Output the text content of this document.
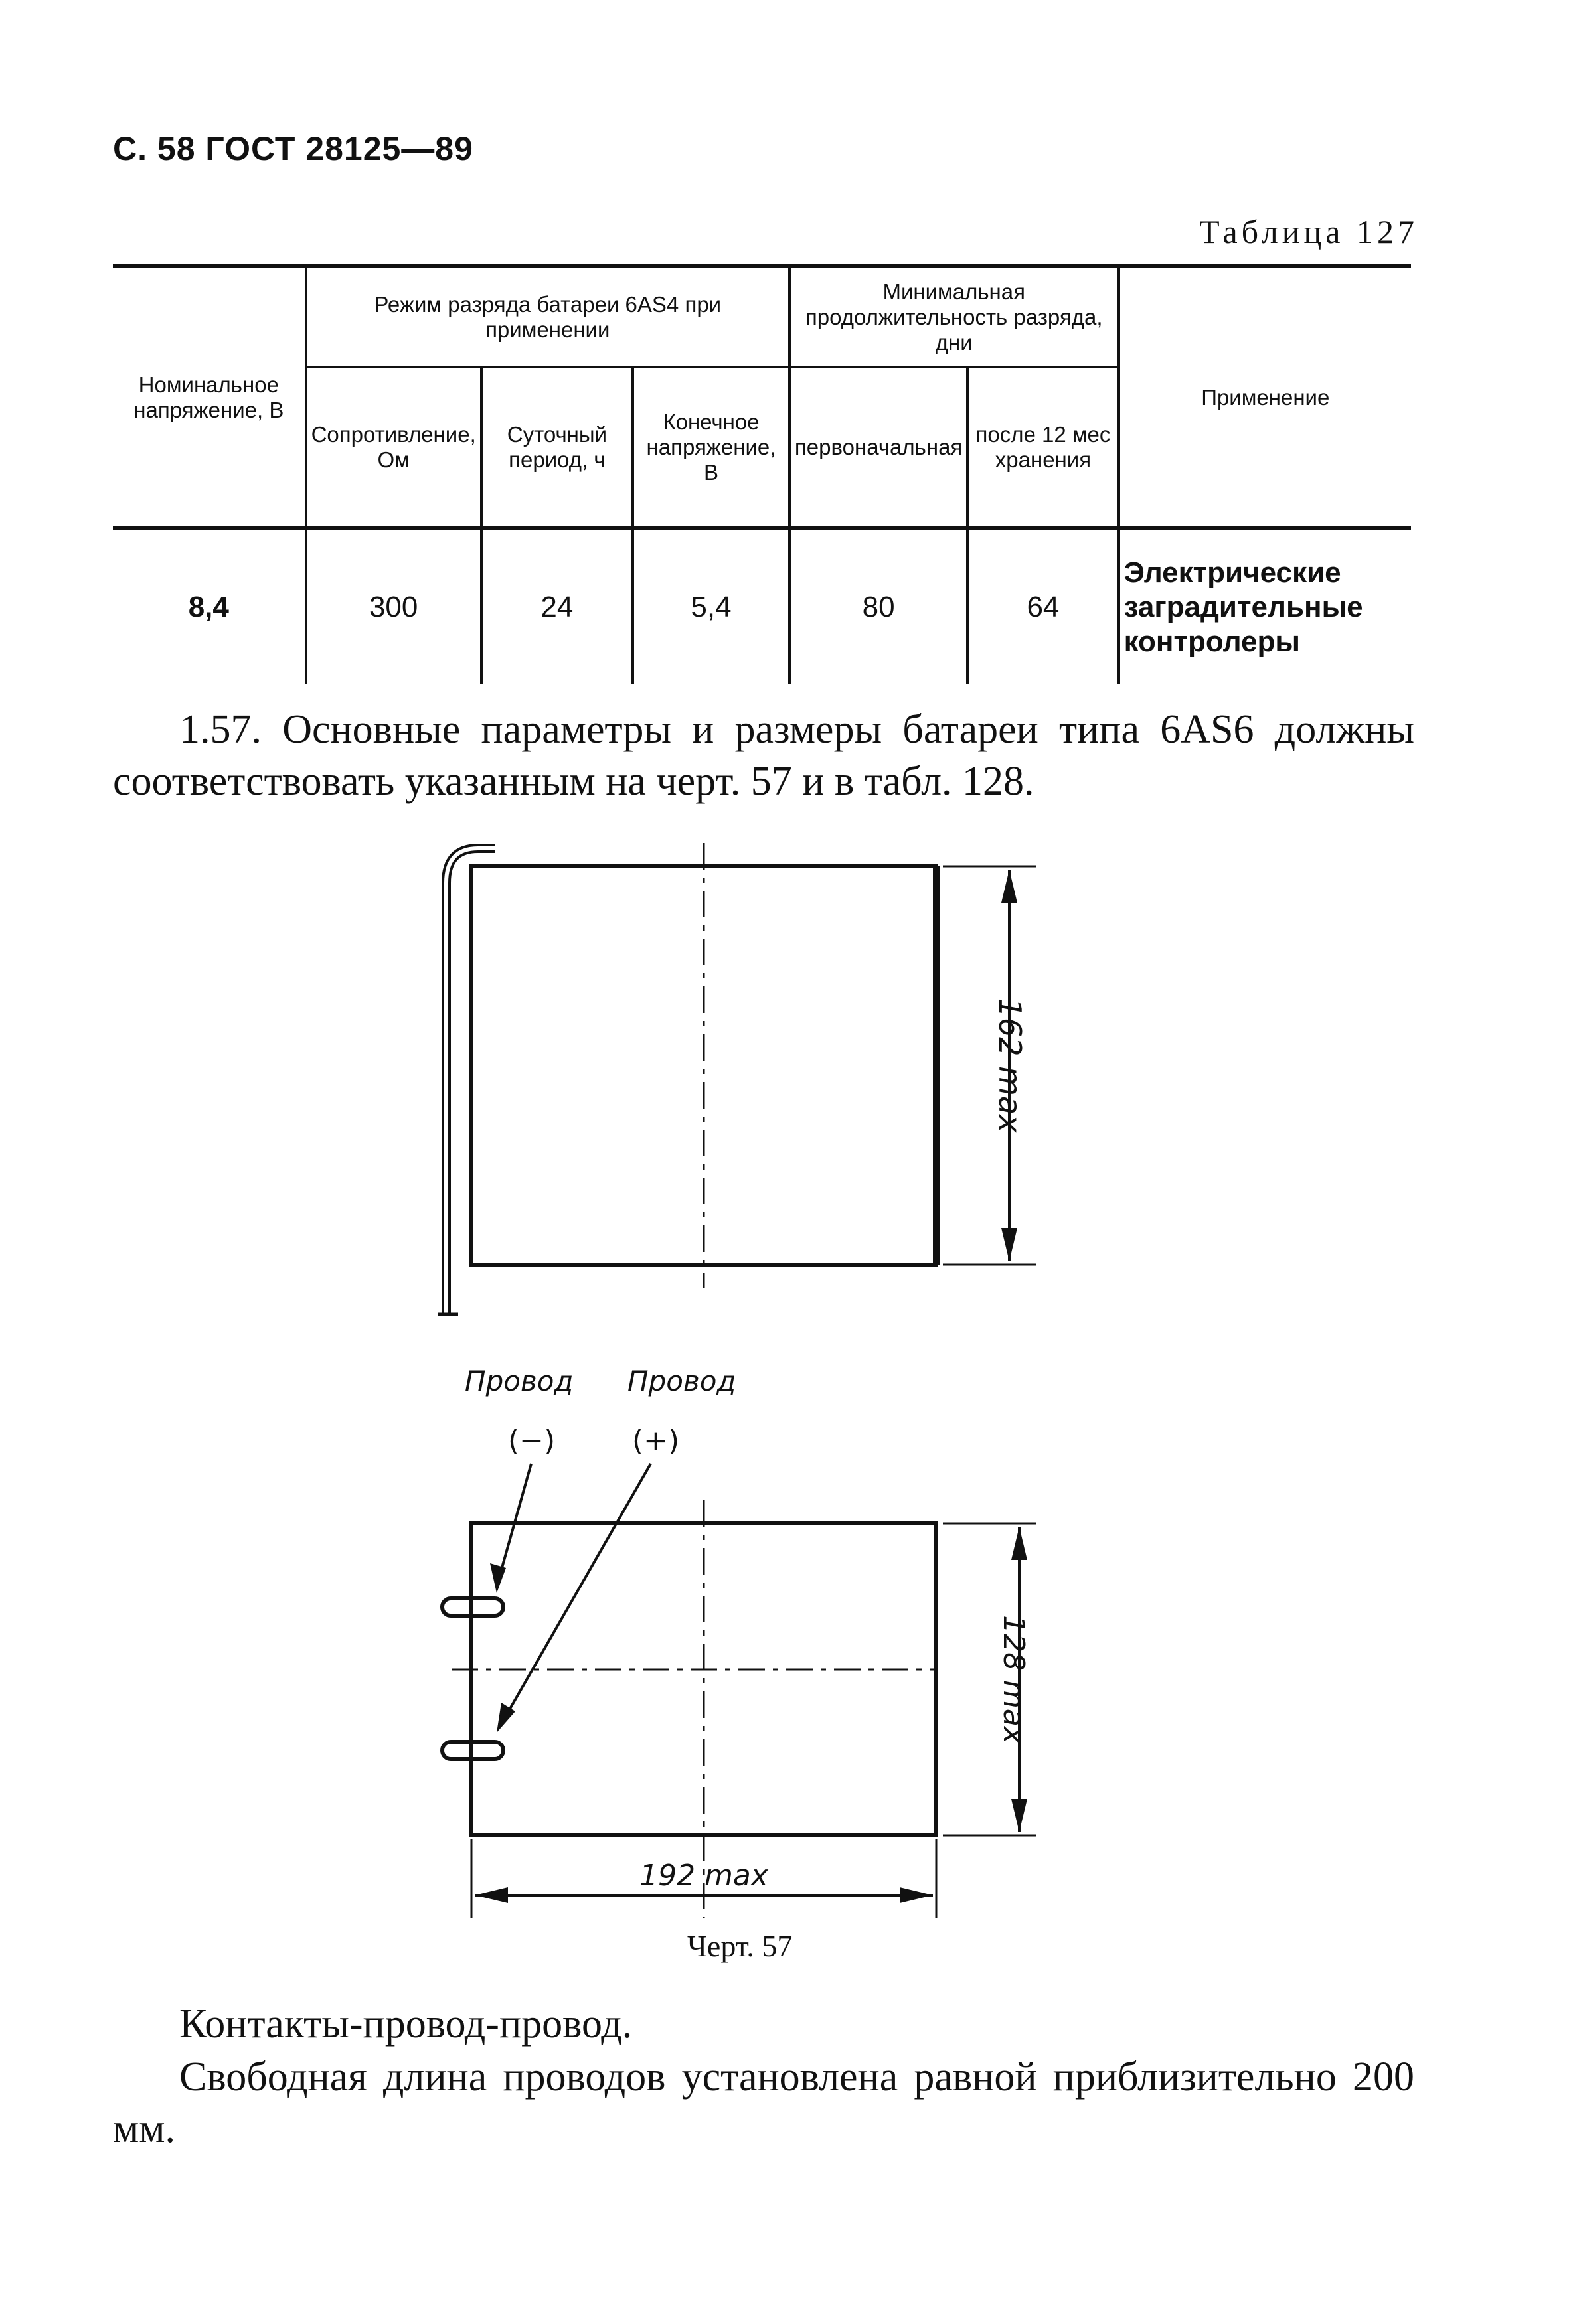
С. 58 ГОСТ 28125—89
Таблица 127
Номинальное напряжение, В	Режим разряда батареи 6AS4 при применении			Минимальная продолжительность разряда, дни		Применение
	Сопротивление, Ом	Суточный период, ч	Конечное напряжение, В	первоначальная	после 12 мес хранения	
8,4	300	24	5,4	80	64	Электрические заградительные контролеры
1.57. Основные параметры и размеры батареи типа 6AS6 должны соответствовать указанным на черт. 57 и в табл. 128.
162 max
128 max
192 max
Провод Провод
(−)	(+)
Черт. 57
Контакты-провод-провод.
Свободная длина проводов установлена равной приблизительно 200 мм.
